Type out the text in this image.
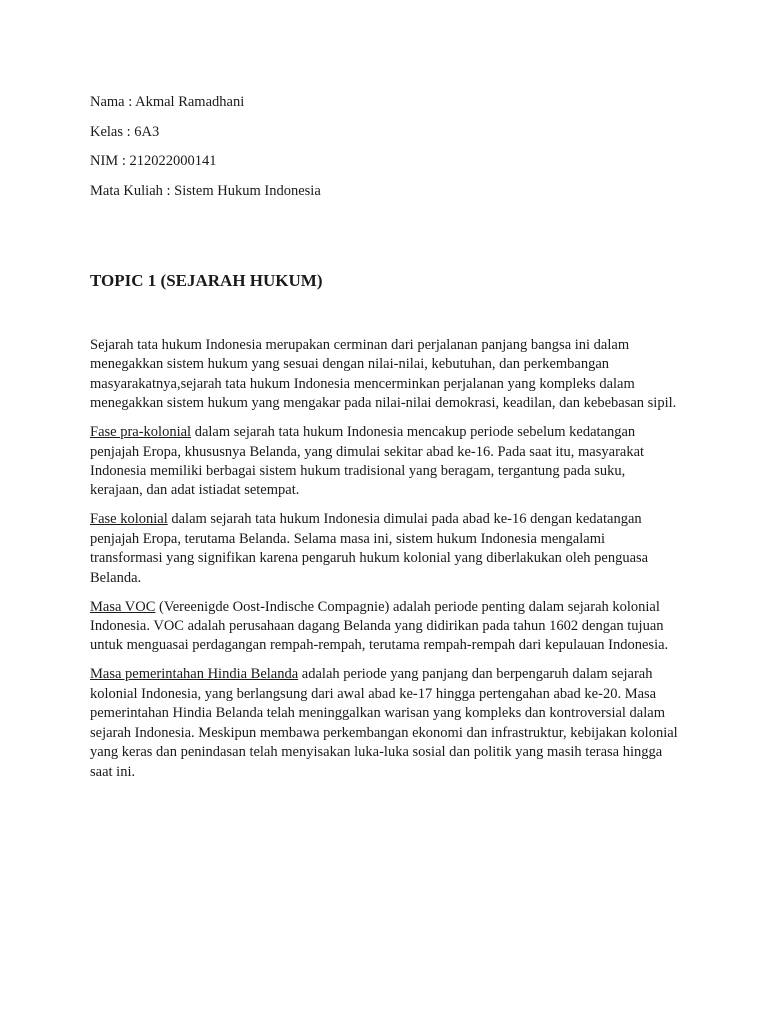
Nama : Akmal Ramadhani

Kelas : 6A3

NIM : 212022000141

Mata Kuliah : Sistem Hukum Indonesia

TOPIC 1 (SEJARAH HUKUM)

Sejarah tata hukum Indonesia merupakan cerminan dari perjalanan panjang bangsa ini dalam menegakkan sistem hukum yang sesuai dengan nilai-nilai, kebutuhan, dan perkembangan masyarakatnya,sejarah tata hukum Indonesia mencerminkan perjalanan yang kompleks dalam menegakkan sistem hukum yang mengakar pada nilai-nilai demokrasi, keadilan, dan kebebasan sipil.

Fase pra-kolonial dalam sejarah tata hukum Indonesia mencakup periode sebelum kedatangan penjajah Eropa, khususnya Belanda, yang dimulai sekitar abad ke-16. Pada saat itu, masyarakat Indonesia memiliki berbagai sistem hukum tradisional yang beragam, tergantung pada suku, kerajaan, dan adat istiadat setempat.

Fase kolonial dalam sejarah tata hukum Indonesia dimulai pada abad ke-16 dengan kedatangan penjajah Eropa, terutama Belanda. Selama masa ini, sistem hukum Indonesia mengalami transformasi yang signifikan karena pengaruh hukum kolonial yang diberlakukan oleh penguasa Belanda.

Masa VOC (Vereenigde Oost-Indische Compagnie) adalah periode penting dalam sejarah kolonial Indonesia. VOC adalah perusahaan dagang Belanda yang didirikan pada tahun 1602 dengan tujuan untuk menguasai perdagangan rempah-rempah, terutama rempah-rempah dari kepulauan Indonesia.

Masa pemerintahan Hindia Belanda adalah periode yang panjang dan berpengaruh dalam sejarah kolonial Indonesia, yang berlangsung dari awal abad ke-17 hingga pertengahan abad ke-20. Masa pemerintahan Hindia Belanda telah meninggalkan warisan yang kompleks dan kontroversial dalam sejarah Indonesia. Meskipun membawa perkembangan ekonomi dan infrastruktur, kebijakan kolonial yang keras dan penindasan telah menyisakan luka-luka sosial dan politik yang masih terasa hingga saat ini.
